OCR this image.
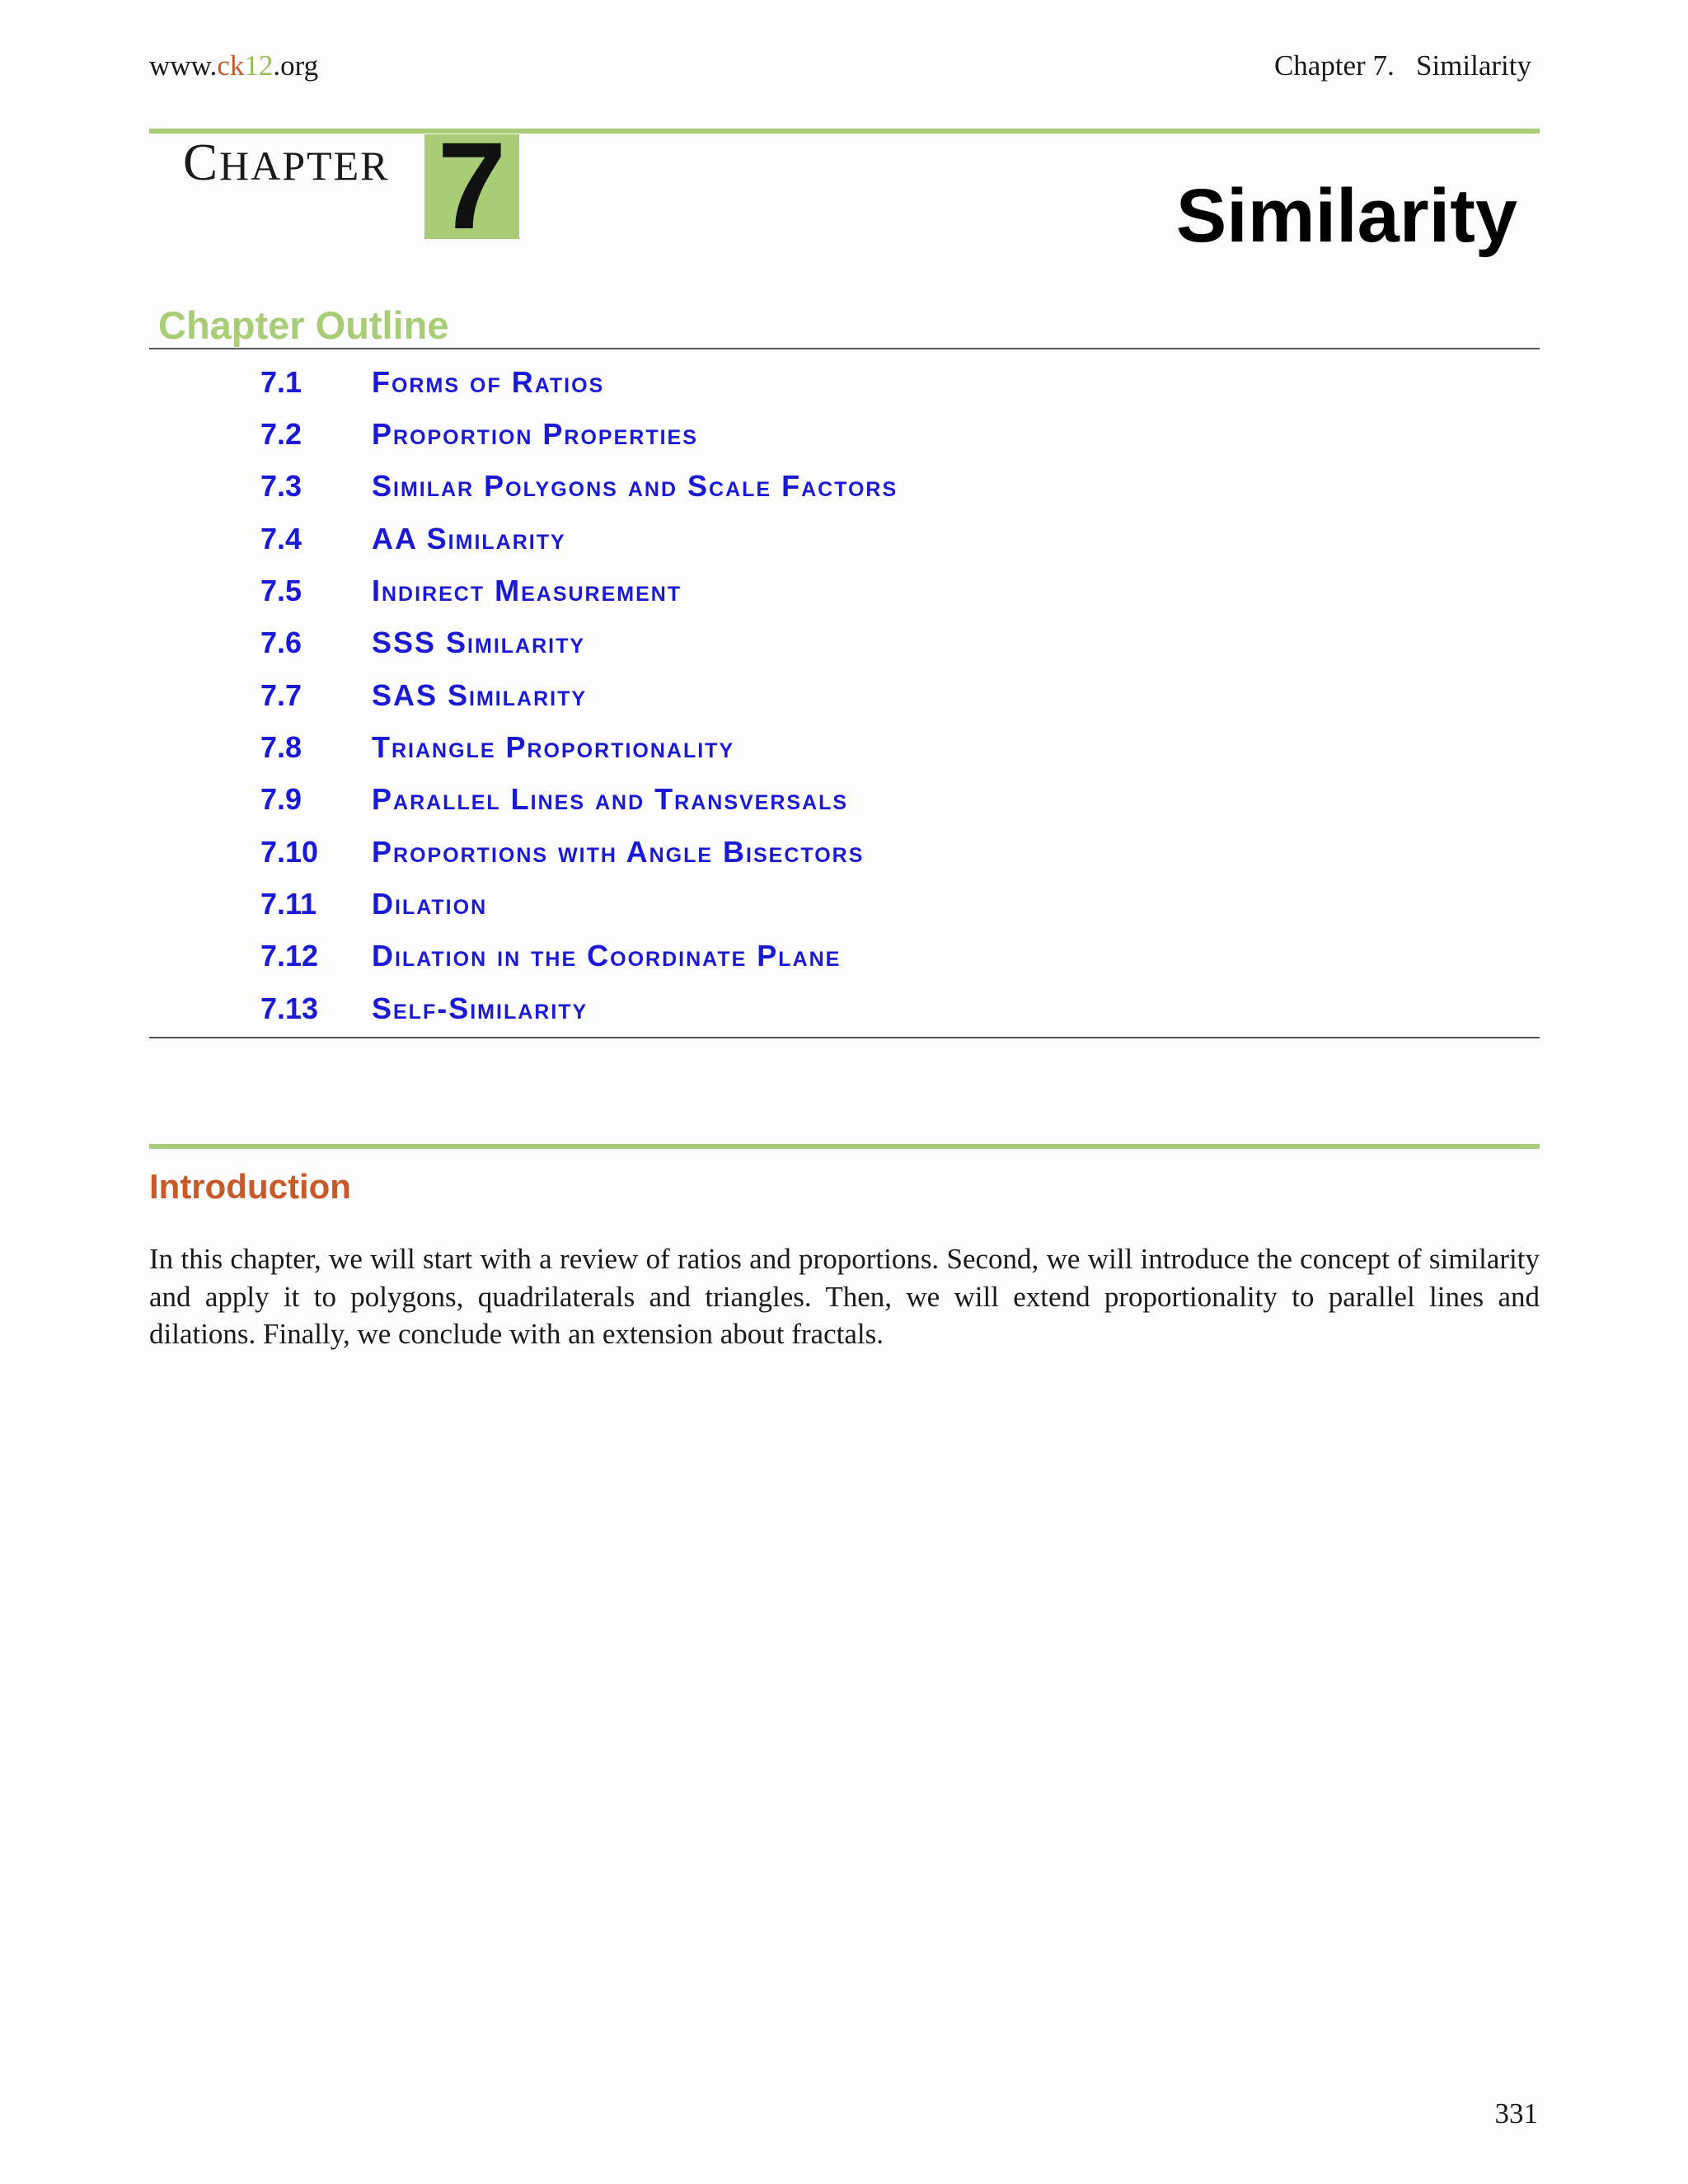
www.ck12.org	Chapter 7.   Similarity
CHAPTER 7	Similarity
Chapter Outline
7.1 Forms of Ratios
7.2 Proportion Properties
7.3 Similar Polygons and Scale Factors
7.4 AA Similarity
7.5 Indirect Measurement
7.6 SSS Similarity
7.7 SAS Similarity
7.8 Triangle Proportionality
7.9 Parallel Lines and Transversals
7.10 Proportions with Angle Bisectors
7.11 Dilation
7.12 Dilation in the Coordinate Plane
7.13 Self-Similarity
Introduction

In this chapter, we will start with a review of ratios and proportions. Second, we will introduce the concept of similarity and apply it to polygons, quadrilaterals and triangles. Then, we will extend proportionality to parallel lines and dilations. Finally, we conclude with an extension about fractals.

331
